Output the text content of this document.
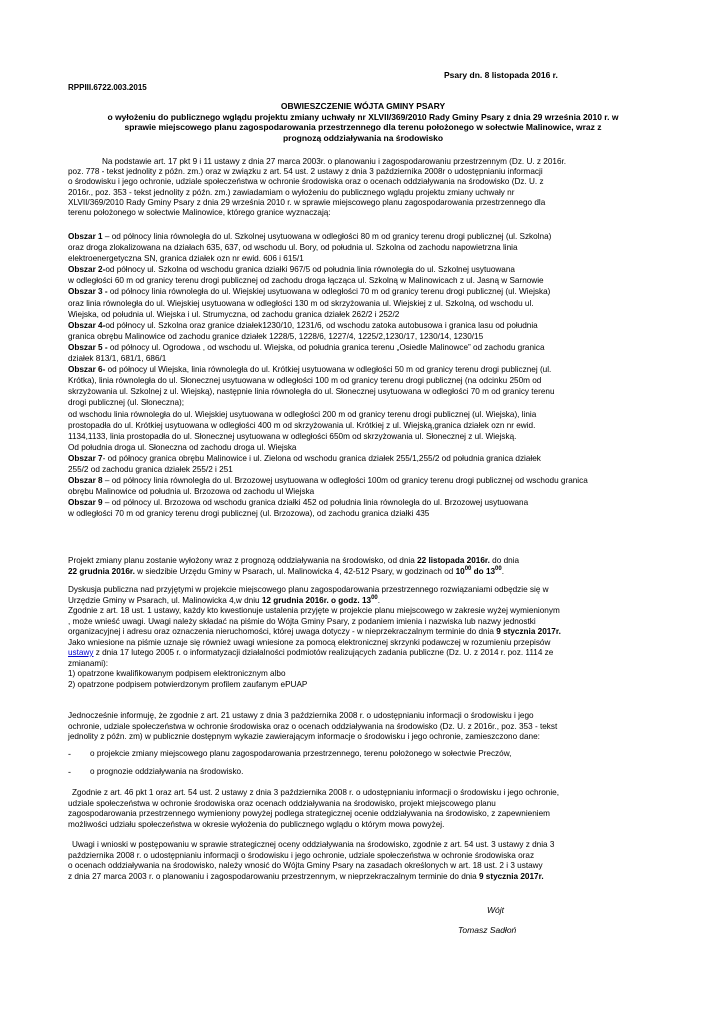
Psary dn. 8 listopada 2016 r.
RPPIII.6722.003.2015
OBWIESZCZENIE WÓJTA GMINY PSARY
o wyłożeniu do publicznego wglądu projektu zmiany uchwały nr XLVII/369/2010 Rady Gminy Psary z dnia 29 września 2010 r. w
sprawie miejscowego planu zagospodarowania przestrzennego dla terenu położonego w sołectwie Malinowice, wraz z
prognozą oddziaływania na środowisko
Na podstawie art. 17 pkt 9 i 11 ustawy z dnia 27 marca 2003r. o planowaniu i zagospodarowaniu przestrzennym (Dz. U. z 2016r.
poz. 778 - tekst jednolity z późn. zm.) oraz w związku z art. 54 ust. 2 ustawy z dnia 3 października 2008r o udostępnianiu informacji
o środowisku i jego ochronie, udziale społeczeństwa w ochronie środowiska oraz o ocenach oddziaływania na środowisko (Dz. U. z
2016r., poz. 353 - tekst jednolity z późn. zm.) zawiadamiam o wyłożeniu do publicznego wglądu projektu zmiany uchwały nr
XLVII/369/2010 Rady Gminy Psary z dnia 29 września 2010 r. w sprawie miejscowego planu zagospodarowania przestrzennego dla
terenu położonego w sołectwie Malinowice, którego granice wyznaczają:
Obszar 1 – od północy linia równoległa do ul. Szkolnej usytuowana w odległości 80 m od granicy terenu drogi publicznej (ul. Szkolna)
oraz droga zlokalizowana na działach 635, 637, od wschodu ul. Bory, od południa ul. Szkolna od zachodu napowietrzna linia
elektroenergetyczna SN, granica działek ozn nr ewid. 606 i 615/1
Obszar 2-od północy ul. Szkolna od wschodu granica działki 967/5 od południa linia równoległa do ul. Szkolnej usytuowana
w odległości 60 m od granicy terenu drogi publicznej od zachodu droga łącząca ul. Szkolną w Malinowicach z ul. Jasną w Sarnowie
Obszar 3 - od północy linia równoległa do ul. Wiejskiej usytuowana w odległości 70 m od granicy terenu drogi publicznej (ul. Wiejska)
oraz linia równoległa do ul. Wiejskiej usytuowana w odległości 130 m od skrzyżowania ul. Wiejskiej z ul. Szkolną, od wschodu ul.
Wiejska, od południa ul. Wiejska i ul. Strumyczna, od zachodu granica działek 262/2 i 252/2
Obszar 4-od północy ul. Szkolna oraz granice działek1230/10, 1231/6, od wschodu zatoka autobusowa i granica lasu od południa
granica obrębu Malinowice od zachodu granice działek 1228/5, 1228/6, 1227/4, 1225/2,1230/17, 1230/14, 1230/15
Obszar 5 - od północy ul. Ogrodowa , od wschodu ul. Wiejska, od południa granica terenu „Osiedle Malinowce” od zachodu granica
działek 813/1, 681/1, 686/1
Obszar 6- od północy ul Wiejska, linia równoległa do ul. Krótkiej usytuowana w odległości 50 m od granicy terenu drogi publicznej (ul.
Krótka), linia równoległa do ul. Słonecznej usytuowana w odległości 100 m od granicy terenu drogi publicznej (na odcinku 250m od
skrzyżowania ul. Szkolnej z ul. Wiejską), następnie linia równoległa do ul. Słonecznej usytuowana w odległości 70 m od granicy terenu
drogi publicznej (ul. Słoneczna);
od wschodu linia równoległa do ul. Wiejskiej usytuowana w odległości 200 m od granicy terenu drogi publicznej (ul. Wiejska), linia
prostopadła do ul. Krótkiej usytuowana w odległości 400 m od skrzyżowania ul. Krótkiej z ul. Wiejską,granica działek ozn nr ewid.
1134,1133, linia prostopadła do ul. Słonecznej usytuowana w odległości 650m od skrzyżowania ul. Słonecznej z ul. Wiejską.
Od południa droga ul. Słoneczna od zachodu droga ul. Wiejska
Obszar 7- od północy granica obrębu Malinowice i ul. Zielona od wschodu granica działek 255/1,255/2 od południa granica działek
255/2 od zachodu granica działek 255/2 i 251
Obszar 8 – od północy linia równoległa do ul. Brzozowej usytuowana w odległości 100m od granicy terenu drogi publicznej od wschodu granica
obrębu Malinowice od południa ul. Brzozowa od zachodu ul Wiejska
Obszar 9 – od północy ul. Brzozowa od wschodu granica działki 452 od południa linia równoległa do ul. Brzozowej usytuowana
w odległości 70 m od granicy terenu drogi publicznej (ul. Brzozowa), od zachodu granica działki 435
Projekt zmiany planu zostanie wyłożony wraz z prognozą oddziaływania na środowisko, od dnia 22 listopada 2016r. do dnia
22 grudnia 2016r. w siedzibie Urzędu Gminy w Psarach, ul. Malinowicka 4, 42-512 Psary, w godzinach od $10^{00}$ do $13^{00}$.
Dyskusja publiczna nad przyjętymi w projekcie miejscowego planu zagospodarowania przestrzennego rozwiązaniami odbędzie się w
Urzędzie Gminy w Psarach, ul. Malinowicka 4,w dniu 12 grudnia 2016r. o godz. $13^{00}$.
Zgodnie z art. 18 ust. 1 ustawy, każdy kto kwestionuje ustalenia przyjęte w projekcie planu miejscowego w zakresie wyżej wymienionym
, może wnieść uwagi. Uwagi należy składać na piśmie do Wójta Gminy Psary, z podaniem imienia i nazwiska lub nazwy jednostki
organizacyjnej i adresu oraz oznaczenia nieruchomości, której uwaga dotyczy - w nieprzekraczalnym terminie do dnia 9 stycznia 2017r.
Jako wniesione na piśmie uznaje się również uwagi wniesione za pomocą elektronicznej skrzynki podawczej w rozumieniu przepisów
ustawy z dnia 17 lutego 2005 r. o informatyzacji działalności podmiotów realizujących zadania publiczne (Dz. U. z 2014 r. poz. 1114 ze
zmianami):
1) opatrzone kwalifikowanym podpisem elektronicznym albo
2) opatrzone podpisem potwierdzonym profilem zaufanym ePUAP
Jednocześnie informuję, że zgodnie z art. 21 ustawy z dnia 3 października 2008 r. o udostępnianiu informacji o środowisku i jego
ochronie, udziale społeczeństwa w ochronie środowiska oraz o ocenach oddziaływania na środowisko (Dz. U. z 2016r., poz. 353 - tekst
jednolity z późn. zm) w publicznie dostępnym wykazie zawierającym informacje o środowisku i jego ochronie, zamieszczono dane:
- o projekcie zmiany miejscowego planu zagospodarowania przestrzennego, terenu położonego w sołectwie Preczów,
- o prognozie oddziaływania na środowisko.
Zgodnie z art. 46 pkt 1 oraz art. 54 ust. 2 ustawy z dnia 3 października 2008 r. o udostępnianiu informacji o środowisku i jego ochronie,
udziale społeczeństwa w ochronie środowiska oraz ocenach oddziaływania na środowisko, projekt miejscowego planu
zagospodarowania przestrzennego wymieniony powyżej podlega strategicznej ocenie oddziaływania na środowisko, z zapewnieniem
możliwości udziału społeczeństwa w okresie wyłożenia do publicznego wglądu o którym mowa powyżej.
Uwagi i wnioski w postępowaniu w sprawie strategicznej oceny oddziaływania na środowisko, zgodnie z art. 54 ust. 3 ustawy z dnia 3
października 2008 r. o udostępnianiu informacji o środowisku i jego ochronie, udziale społeczeństwa w ochronie środowiska oraz
o ocenach oddziaływania na środowisko, należy wnosić do Wójta Gminy Psary na zasadach określonych w art. 18 ust. 2 i 3 ustawy
z dnia 27 marca 2003 r. o planowaniu i zagospodarowaniu przestrzennym, w nieprzekraczalnym terminie do dnia 9 stycznia 2017r.
Wójt
Tomasz Sadłoń
